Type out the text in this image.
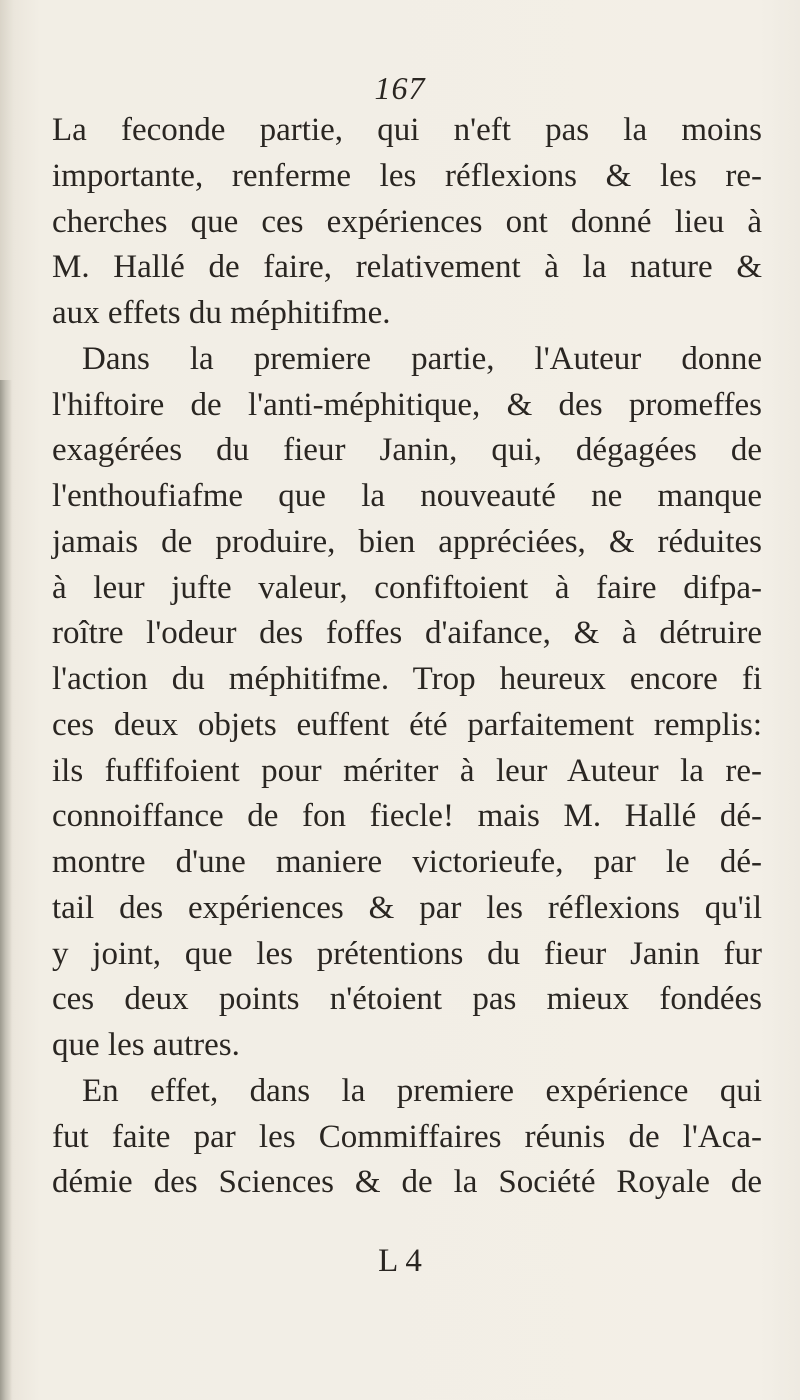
167
La feconde partie, qui n'eft pas la moins
importante, renferme les réflexions & les re-
cherches que ces expériences ont donné lieu à
M. Hallé de faire, relativement à la nature &
aux effets du méphitifme.
Dans la premiere partie, l'Auteur donne
l'hiftoire de l'anti-méphitique, & des promeffes
exagérées du fieur Janin, qui, dégagées de
l'enthoufiafme que la nouveauté ne manque
jamais de produire, bien appréciées, & réduites
à leur jufte valeur, confiftoient à faire difpa-
roître l'odeur des foffes d'aifance, & à détruire
l'action du méphitifme. Trop heureux encore fi
ces deux objets euffent été parfaitement remplis:
ils fuffifoient pour mériter à leur Auteur la re-
connoiffance de fon fiecle! mais M. Hallé dé-
montre d'une maniere victorieufe, par le dé-
tail des expériences & par les réflexions qu'il
y joint, que les prétentions du fieur Janin fur
ces deux points n'étoient pas mieux fondées
que les autres.
En effet, dans la premiere expérience qui
fut faite par les Commiffaires réunis de l'Aca-
démie des Sciences & de la Société Royale de
L 4
